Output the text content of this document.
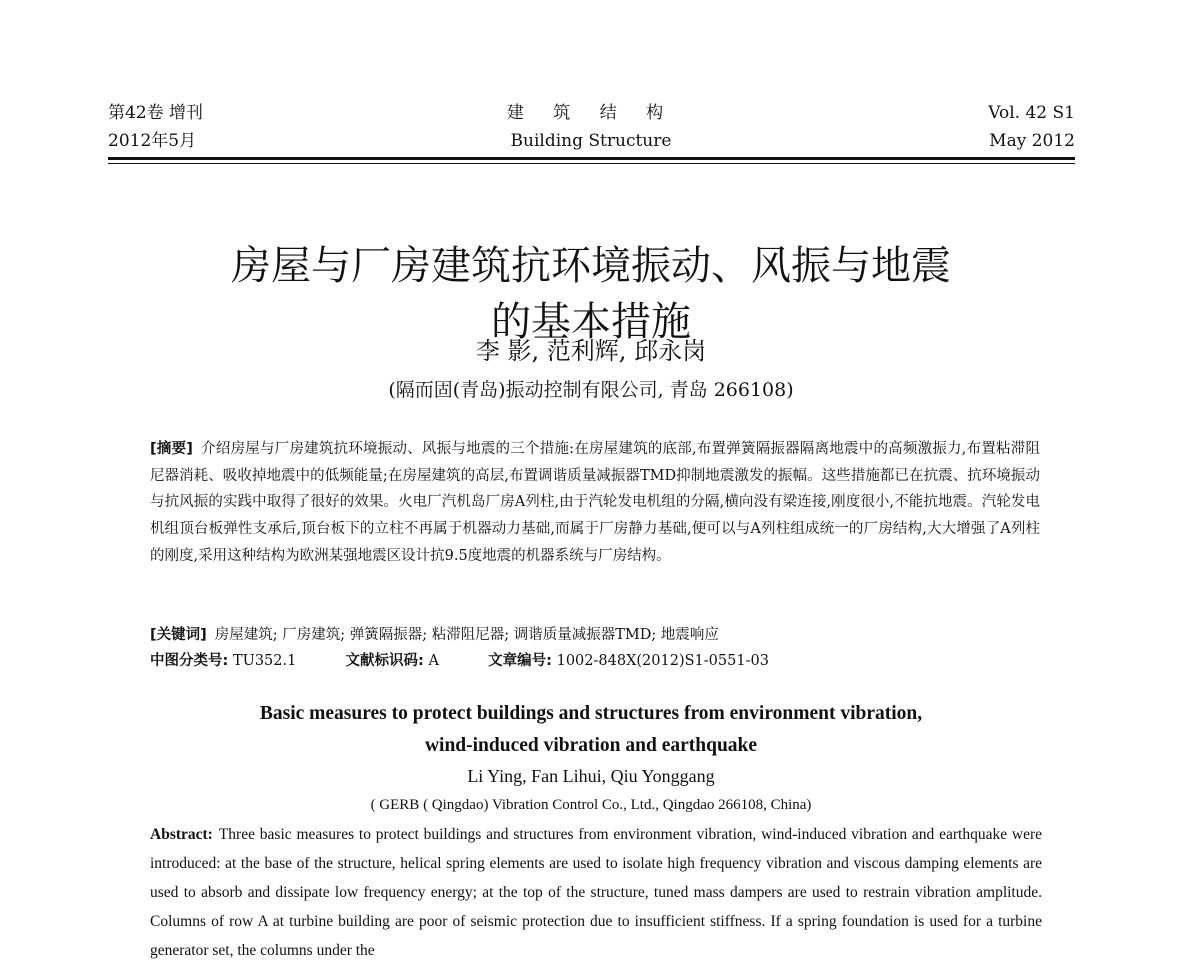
第42卷 增刊
2012年5月
建 筑 结 构
Building Structure
Vol. 42 S1
May 2012
房屋与厂房建筑抗环境振动、风振与地震
的基本措施
李 影, 范利辉, 邱永岗
(隔而固(青岛)振动控制有限公司, 青岛 266108)
[摘要] 介绍房屋与厂房建筑抗环境振动、风振与地震的三个措施:在房屋建筑的底部,布置弹簧隔振器隔离地震中的高频激振力,布置粘滞阻尼器消耗、吸收掉地震中的低频能量;在房屋建筑的高层,布置调谐质量减振器TMD抑制地震激发的振幅。这些措施都已在抗震、抗环境振动与抗风振的实践中取得了很好的效果。火电厂汽机岛厂房A列柱,由于汽轮发电机组的分隔,横向没有梁连接,刚度很小,不能抗地震。汽轮发电机组顶台板弹性支承后,顶台板下的立柱不再属于机器动力基础,而属于厂房静力基础,便可以与A列柱组成统一的厂房结构,大大增强了A列柱的刚度,采用这种结构为欧洲某强地震区设计抗9.5度地震的机器系统与厂房结构。
[关键词] 房屋建筑; 厂房建筑; 弹簧隔振器; 粘滞阻尼器; 调谐质量减振器TMD; 地震响应
中图分类号: TU352.1	文献标识码: A	文章编号: 1002-848X(2012)S1-0551-03
Basic measures to protect buildings and structures from environment vibration,
wind-induced vibration and earthquake
Li Ying, Fan Lihui, Qiu Yonggang
( GERB ( Qingdao) Vibration Control Co., Ltd., Qingdao 266108, China)
Abstract: Three basic measures to protect buildings and structures from environment vibration, wind-induced vibration and earthquake were introduced: at the base of the structure, helical spring elements are used to isolate high frequency vibration and viscous damping elements are used to absorb and dissipate low frequency energy; at the top of the structure, tuned mass dampers are used to restrain vibration amplitude. Columns of row A at turbine building are poor of seismic protection due to insufficient stiffness. If a spring foundation is used for a turbine generator set, the columns under the
